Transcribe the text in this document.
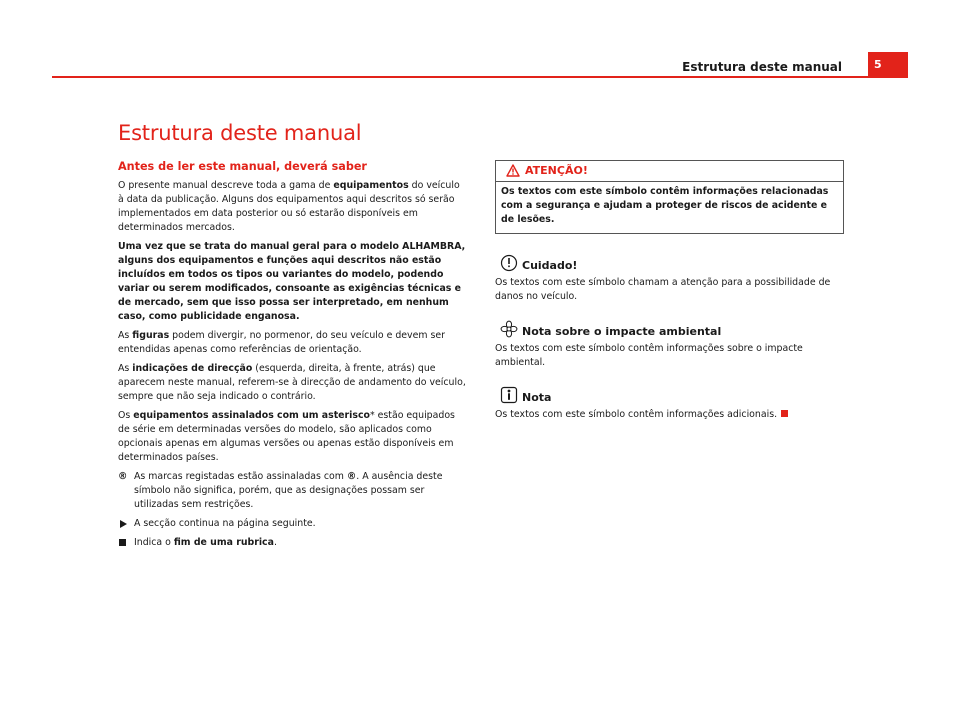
Estrutura deste manual	5
Estrutura deste manual
Antes de ler este manual, deverá saber

O presente manual descreve toda a gama de equipamentos do veículo à data da publicação. Alguns dos equipamentos aqui descritos só serão implementados em data posterior ou só estarão disponíveis em determinados mercados.

Uma vez que se trata do manual geral para o modelo ALHAMBRA, alguns dos equipamentos e funções aqui descritos não estão incluídos em todos os tipos ou variantes do modelo, podendo variar ou serem modificados, consoante as exigências técnicas e de mercado, sem que isso possa ser interpretado, em nenhum caso, como publicidade enganosa.

As figuras podem divergir, no pormenor, do seu veículo e devem ser entendidas apenas como referências de orientação.

As indicações de direcção (esquerda, direita, à frente, atrás) que aparecem neste manual, referem-se à direcção de andamento do veículo, sempre que não seja indicado o contrário.

Os equipamentos assinalados com um asterisco* estão equipados de série em determinadas versões do modelo, são aplicados como opcionais apenas em algumas versões ou apenas estão disponíveis em determinados países.

® As marcas registadas estão assinaladas com ®. A ausência deste símbolo não significa, porém, que as designações possam ser utilizadas sem restrições.
A secção continua na página seguinte.
Indica o fim de uma rubrica.
ATENÇÃO!
Os textos com este símbolo contêm informações relacionadas com a segurança e ajudam a proteger de riscos de acidente e de lesões.
Cuidado!

Os textos com este símbolo chamam a atenção para a possibilidade de danos no veículo.

Nota sobre o impacte ambiental

Os textos com este símbolo contêm informações sobre o impacte ambiental.

Nota

Os textos com este símbolo contêm informações adicionais.
